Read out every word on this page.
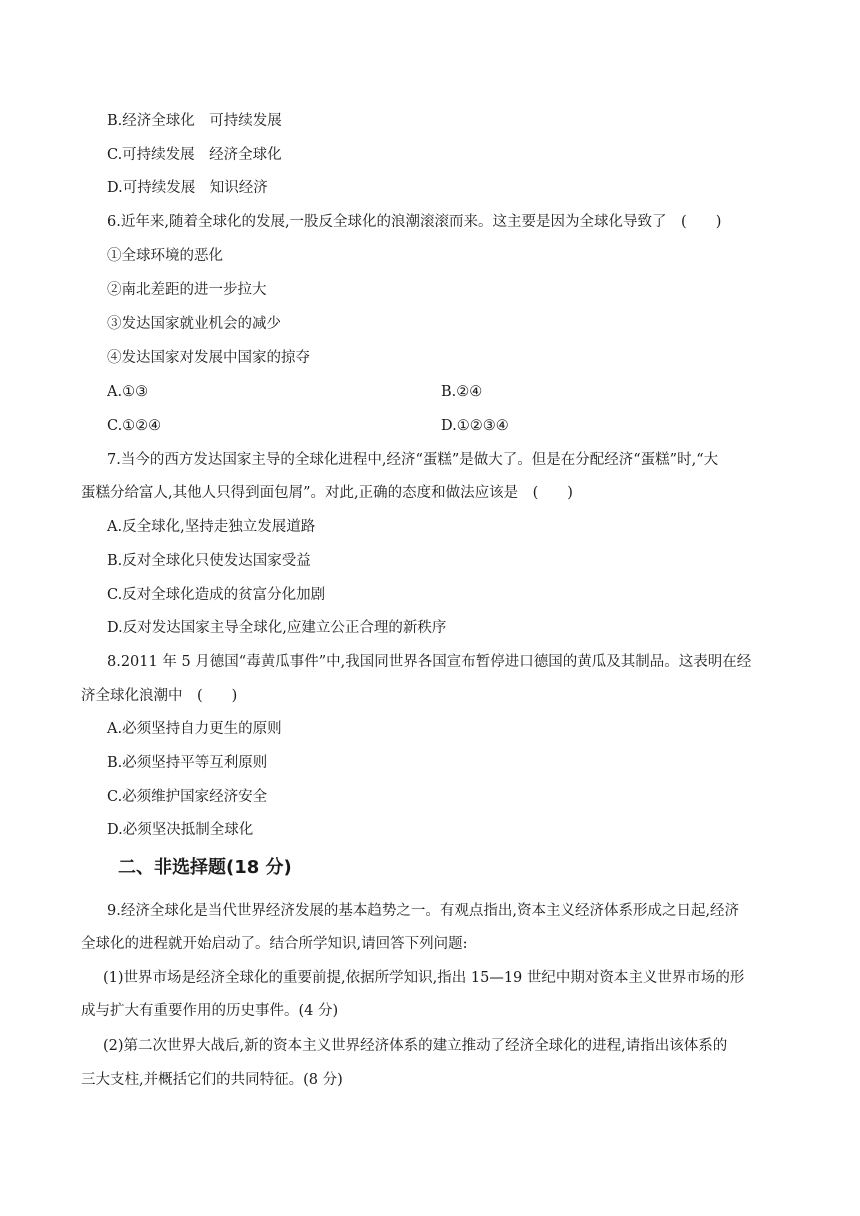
B.经济全球化　可持续发展
C.可持续发展　经济全球化
D.可持续发展　知识经济
6.近年来,随着全球化的发展,一股反全球化的浪潮滚滚而来。这主要是因为全球化导致了　(　　)
①全球环境的恶化
②南北差距的进一步拉大
③发达国家就业机会的减少
④发达国家对发展中国家的掠夺
A.①③	B.②④
C.①②④	D.①②③④
7.当今的西方发达国家主导的全球化进程中,经济“蛋糕”是做大了。但是在分配经济“蛋糕”时,“大
蛋糕分给富人,其他人只得到面包屑”。对此,正确的态度和做法应该是　(　　)
A.反全球化,坚持走独立发展道路
B.反对全球化只使发达国家受益
C.反对全球化造成的贫富分化加剧
D.反对发达国家主导全球化,应建立公正合理的新秩序
8.2011 年 5 月德国“毒黄瓜事件”中,我国同世界各国宣布暂停进口德国的黄瓜及其制品。这表明在经
济全球化浪潮中　(　　)
A.必须坚持自力更生的原则
B.必须坚持平等互利原则
C.必须维护国家经济安全
D.必须坚决抵制全球化
二、非选择题(18 分)
9.经济全球化是当代世界经济发展的基本趋势之一。有观点指出,资本主义经济体系形成之日起,经济
全球化的进程就开始启动了。结合所学知识,请回答下列问题:
(1)世界市场是经济全球化的重要前提,依据所学知识,指出 15—19 世纪中期对资本主义世界市场的形
成与扩大有重要作用的历史事件。(4 分)
(2)第二次世界大战后,新的资本主义世界经济体系的建立推动了经济全球化的进程,请指出该体系的
三大支柱,并概括它们的共同特征。(8 分)
